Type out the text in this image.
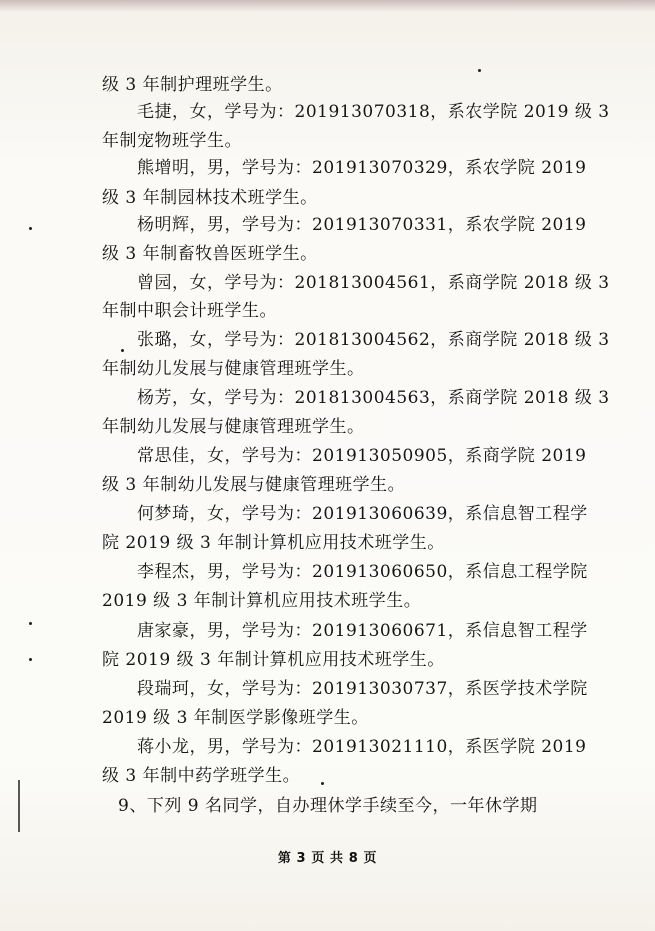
级 3 年制护理班学生。
毛捷，女，学号为：201913070318，系农学院 2019 级 3
年制宠物班学生。
熊增明，男，学号为：201913070329，系农学院 2019
级 3 年制园林技术班学生。
杨明辉，男，学号为：201913070331，系农学院 2019
级 3 年制畜牧兽医班学生。
曾园，女，学号为：201813004561，系商学院 2018 级 3
年制中职会计班学生。
张璐，女，学号为：201813004562，系商学院 2018 级 3
年制幼儿发展与健康管理班学生。
杨芳，女，学号为：201813004563，系商学院 2018 级 3
年制幼儿发展与健康管理班学生。
常思佳，女，学号为：201913050905，系商学院 2019
级 3 年制幼儿发展与健康管理班学生。
何梦琦，女，学号为：201913060639，系信息智工程学
院 2019 级 3 年制计算机应用技术班学生。
李程杰，男，学号为：201913060650，系信息工程学院
2019 级 3 年制计算机应用技术班学生。
唐家豪，男，学号为：201913060671，系信息智工程学
院 2019 级 3 年制计算机应用技术班学生。
段瑞珂，女，学号为：201913030737，系医学技术学院
2019 级 3 年制医学影像班学生。
蒋小龙，男，学号为：201913021110，系医学院 2019
级 3 年制中药学班学生。
9、下列 9 名同学，自办理休学手续至今，一年休学期
第 3 页 共 8 页
